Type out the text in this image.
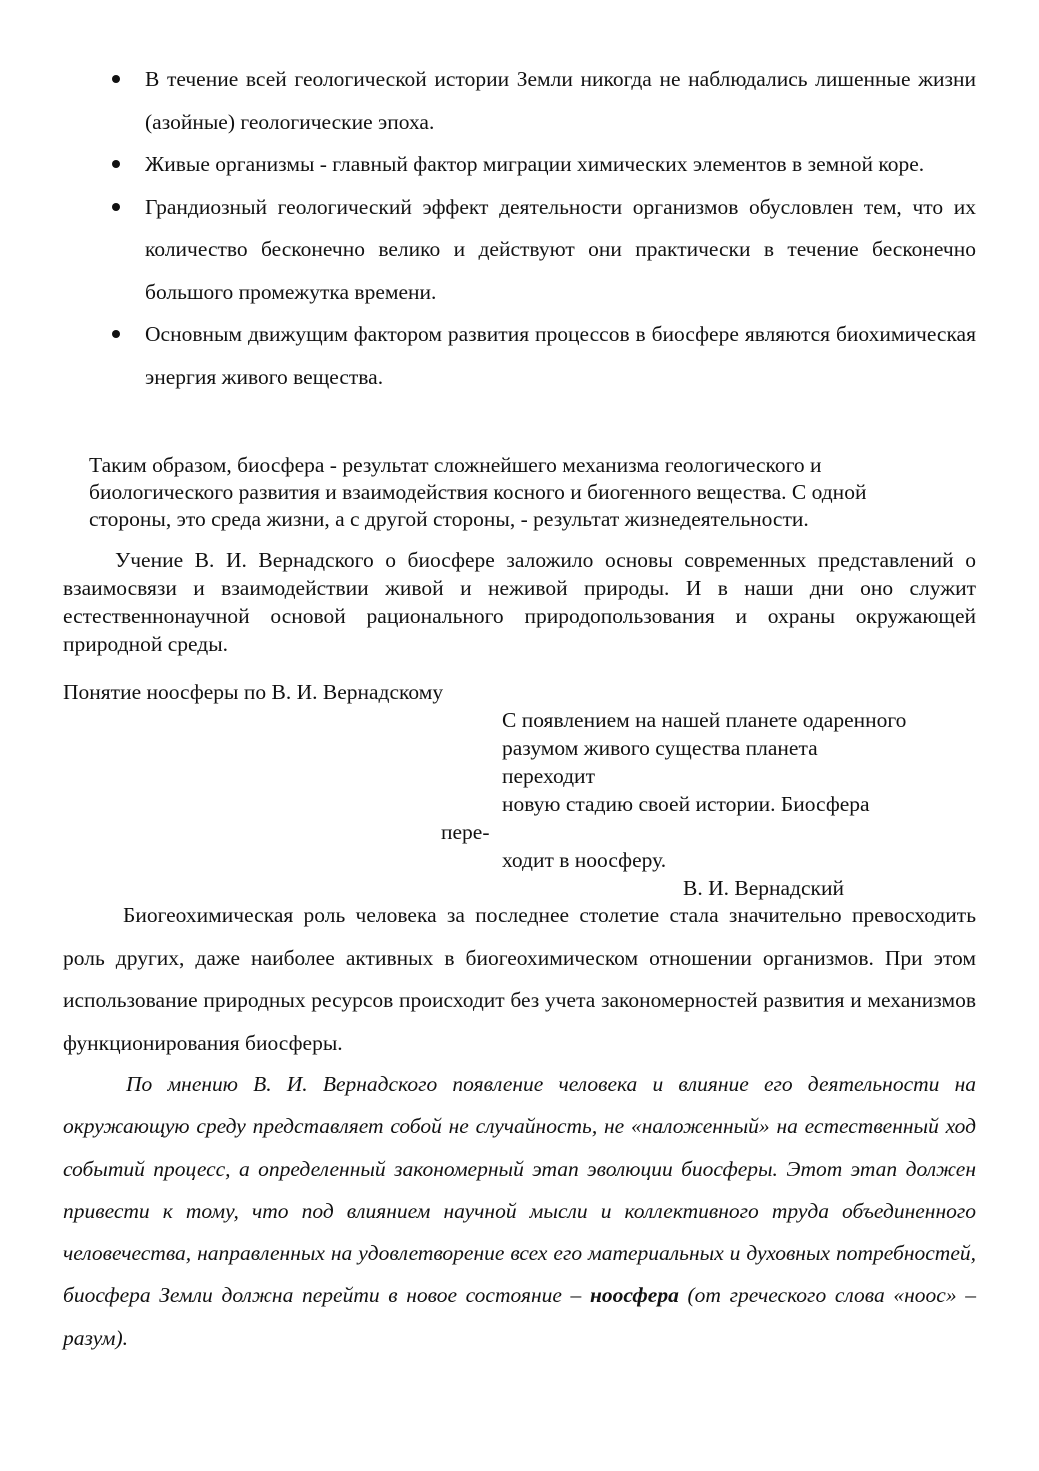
В течение всей геологической истории Земли никогда не наблюдались лишенные жизни (азойные) геологические эпоха.
Живые организмы - главный фактор миграции химических элементов в земной коре.
Грандиозный геологический эффект деятельности организмов обусловлен тем, что их количество бесконечно велико и действуют они практически в течение бесконечно большого промежутка времени.
Основным движущим фактором развития процессов в биосфере являются биохимическая энергия живого вещества.

Таким образом, биосфера - результат сложнейшего механизма геологического и биологического развития и взаимодействия косного и биогенного вещества. С одной стороны, это среда жизни, а с другой стороны, - результат жизнедеятельности.

Учение В. И. Вернадского о биосфере заложило основы современных представлений о взаимосвязи и взаимодействии живой и неживой природы. И в наши дни оно служит естественнонаучной основой рационального природопользования и охраны окружающей природной среды.

Понятие ноосферы по В. И. Вернадскому

С появлением на нашей планете одаренного

разумом живого существа планета

переходит

новую стадию своей истории. Биосфера

пере-

ходит в ноосферу.

В. И. Вернадский

Биогеохимическая роль человека за последнее столетие стала значительно превосходить роль других, даже наиболее активных в биогеохимическом отношении организмов. При этом использование природных ресурсов происходит без учета закономерностей развития и механизмов функционирования биосферы.

По мнению В. И. Вернадского появление человека и влияние его деятельности на окружающую среду представляет собой не случайность, не «наложенный» на естественный ход событий процесс, а определенный закономерный этап эволюции биосферы. Этот этап должен привести к тому, что под влиянием научной мысли и коллективного труда объединенного человечества, направленных на удовлетворение всех его материальных и духовных потребностей, биосфера Земли должна перейти в новое состояние – ноосфера (от греческого слова «ноос» – разум).
